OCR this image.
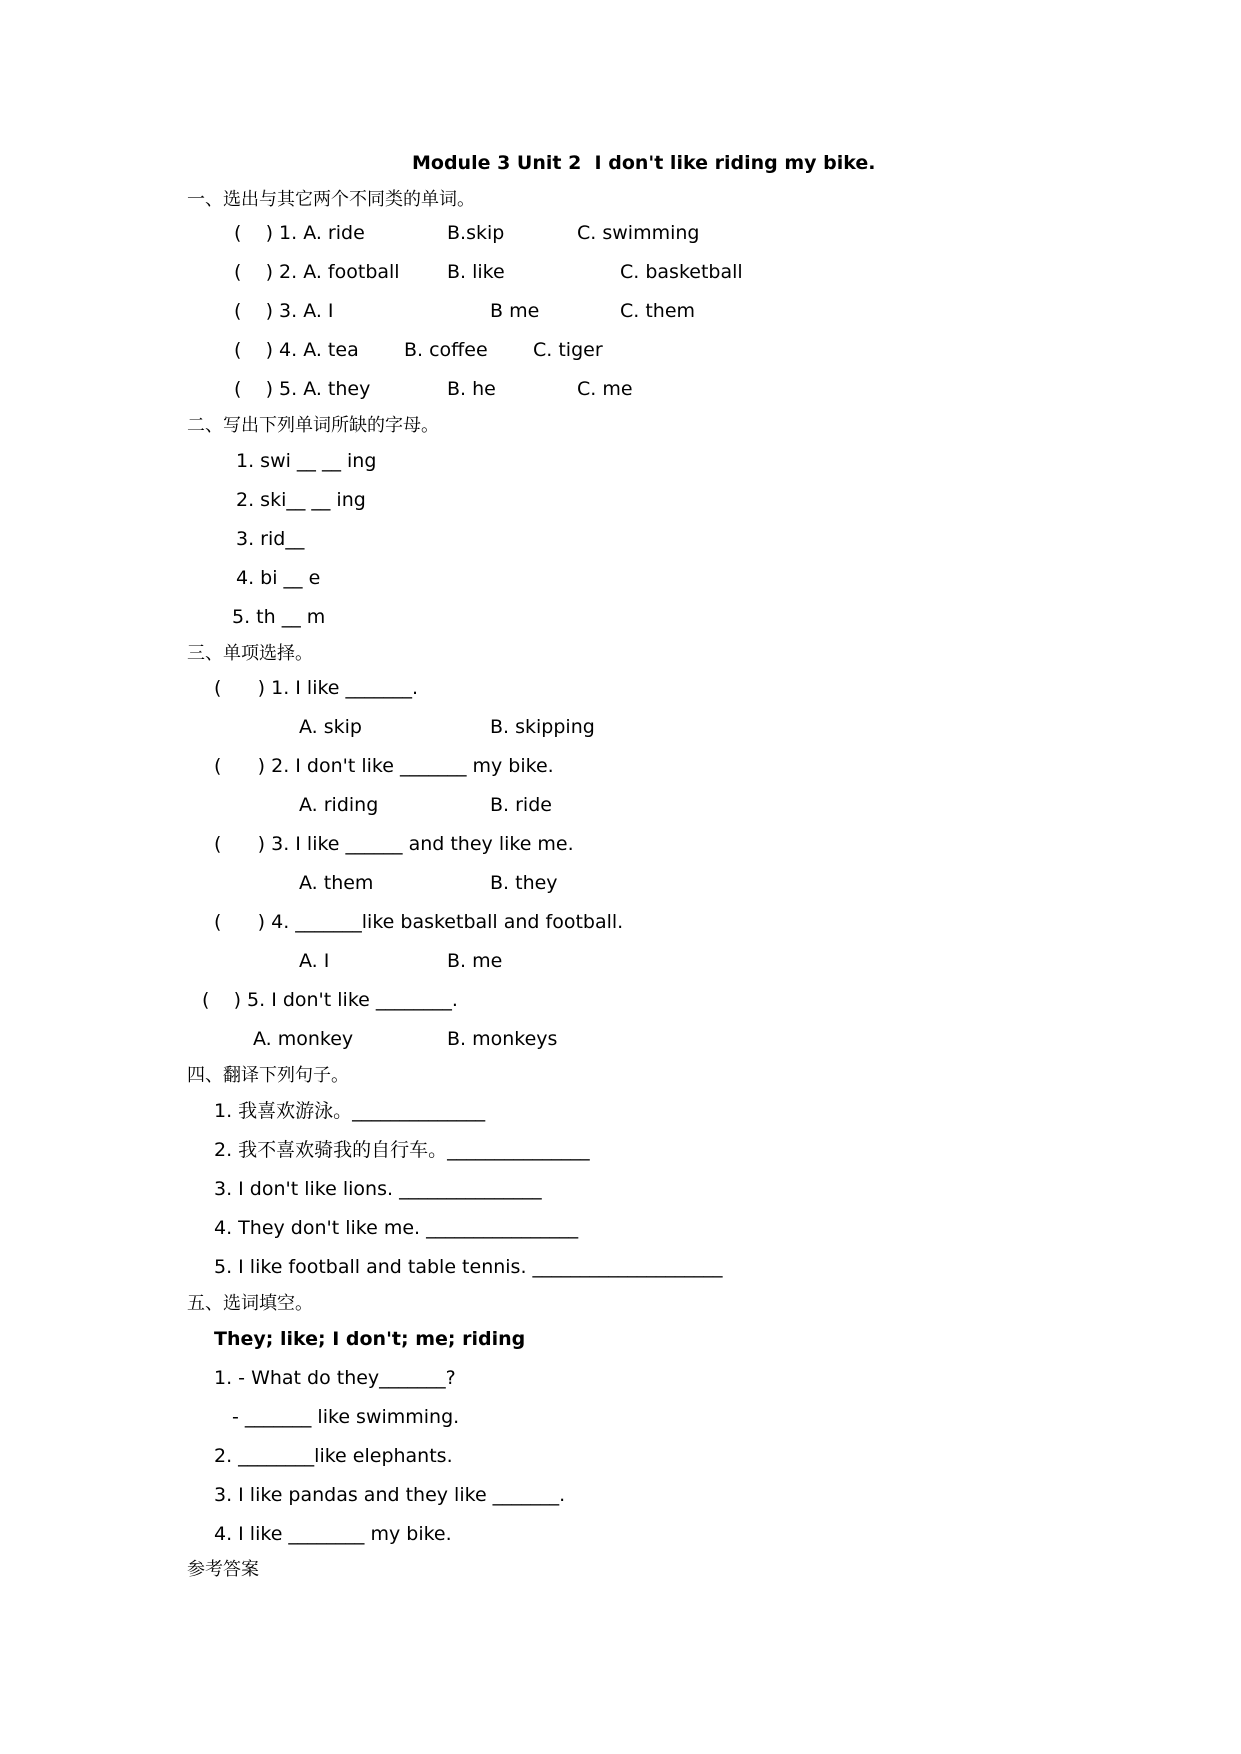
Module 3 Unit 2  I don't like riding my bike.
一、选出与其它两个不同类的单词。
(    ) 1. A. ride	B.skip	C. swimming
(    ) 2. A. football B. like	C. basketball
(    ) 3. A. I	B me	C. them
(    ) 4. A. tea B. coffee C. tiger
(    ) 5. A. they	B. he	C. me
二、写出下列单词所缺的字母。
1. swi __ __ ing
2. ski__ __ ing
3. rid__
4. bi __ e
5. th __ m
三、单项选择。
(      ) 1. I like _______.
A. skip	B. skipping
(      ) 2. I don't like _______ my bike.
A. riding	B. ride
(      ) 3. I like ______ and they like me.
A. them	B. they
(      ) 4. _______like basketball and football.
A. I	B. me
(    ) 5. I don't like ________.
A. monkey	B. monkeys
四、翻译下列句子。
1. 我喜欢游泳。______________
2. 我不喜欢骑我的自行车。_______________
3. I don't like lions. _______________
4. They don't like me. ________________
5. I like football and table tennis. ____________________
五、选词填空。
They; like; I don't; me; riding
1. - What do they_______?
- _______ like swimming.
2. ________like elephants.
3. I like pandas and they like _______.
4. I like ________ my bike.
参考答案
